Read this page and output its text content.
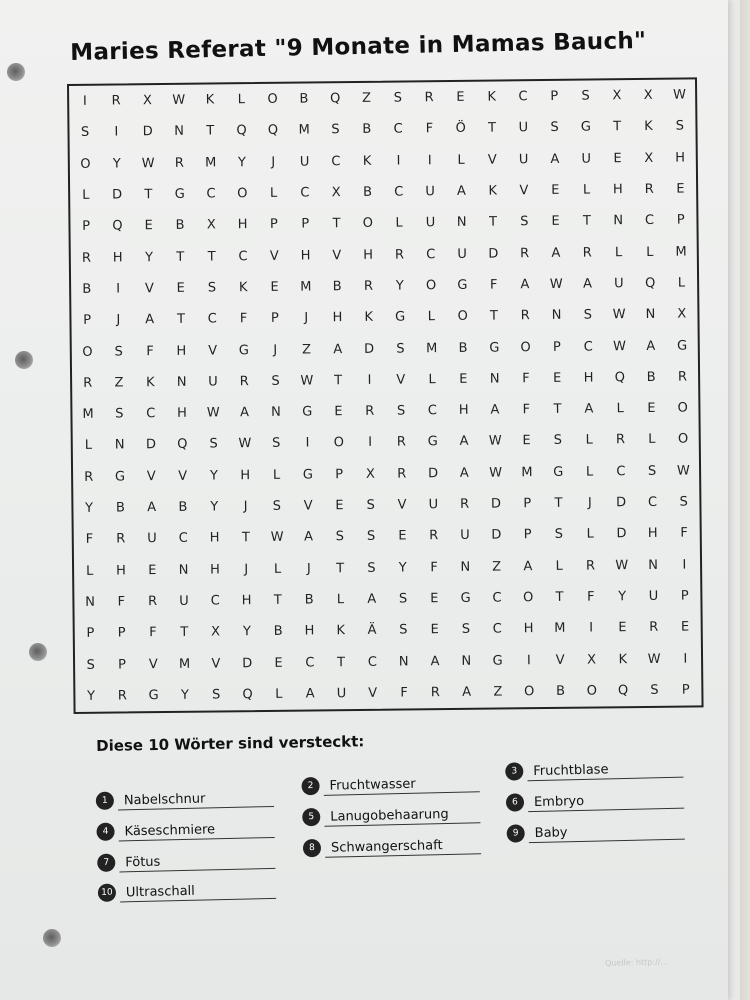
Maries Referat "9 Monate in Mamas Bauch"
I	R	X	W	K	L	O	B	Q	Z	S	R	E	K	C	P	S	X	X	W
S	I	D	N	T	Q	Q	M	S	B	C	F	Ö	T	U	S	G	T	K	S
O	Y	W	R	M	Y	J	U	C	K	I	I	L	V	U	A	U	E	X	H
L	D	T	G	C	O	L	C	X	B	C	U	A	K	V	E	L	H	R	E
P	Q	E	B	X	H	P	P	T	O	L	U	N	T	S	E	T	N	C	P
R	H	Y	T	T	C	V	H	V	H	R	C	U	D	R	A	R	L	L	M
B	I	V	E	S	K	E	M	B	R	Y	O	G	F	A	W	A	U	Q	L
P	J	A	T	C	F	P	J	H	K	G	L	O	T	R	N	S	W	N	X
O	S	F	H	V	G	J	Z	A	D	S	M	B	G	O	P	C	W	A	G
R	Z	K	N	U	R	S	W	T	I	V	L	E	N	F	E	H	Q	B	R
M	S	C	H	W	A	N	G	E	R	S	C	H	A	F	T	A	L	E	O
L	N	D	Q	S	W	S	I	O	I	R	G	A	W	E	S	L	R	L	O
R	G	V	V	Y	H	L	G	P	X	R	D	A	W	M	G	L	C	S	W
Y	B	A	B	Y	J	S	V	E	S	V	U	R	D	P	T	J	D	C	S
F	R	U	C	H	T	W	A	S	S	E	R	U	D	P	S	L	D	H	F
L	H	E	N	H	J	L	J	T	S	Y	F	N	Z	A	L	R	W	N	I
N	F	R	U	C	H	T	B	L	A	S	E	G	C	O	T	F	Y	U	P
P	P	F	T	X	Y	B	H	K	Ä	S	E	S	C	H	M	I	E	R	E
S	P	V	M	V	D	E	C	T	C	N	A	N	G	I	V	X	K	W	I
Y	R	G	Y	S	Q	L	A	U	V	F	R	A	Z	O	B	O	Q	S	P
Diese 10 Wörter sind versteckt:
1	Nabelschnur
2	Fruchtwasser
3	Fruchtblase
4	Käseschmiere
5	Lanugobehaarung
6	Embryo
7	Fötus
8	Schwangerschaft
9	Baby
10	Ultraschall
Quelle: http://...
